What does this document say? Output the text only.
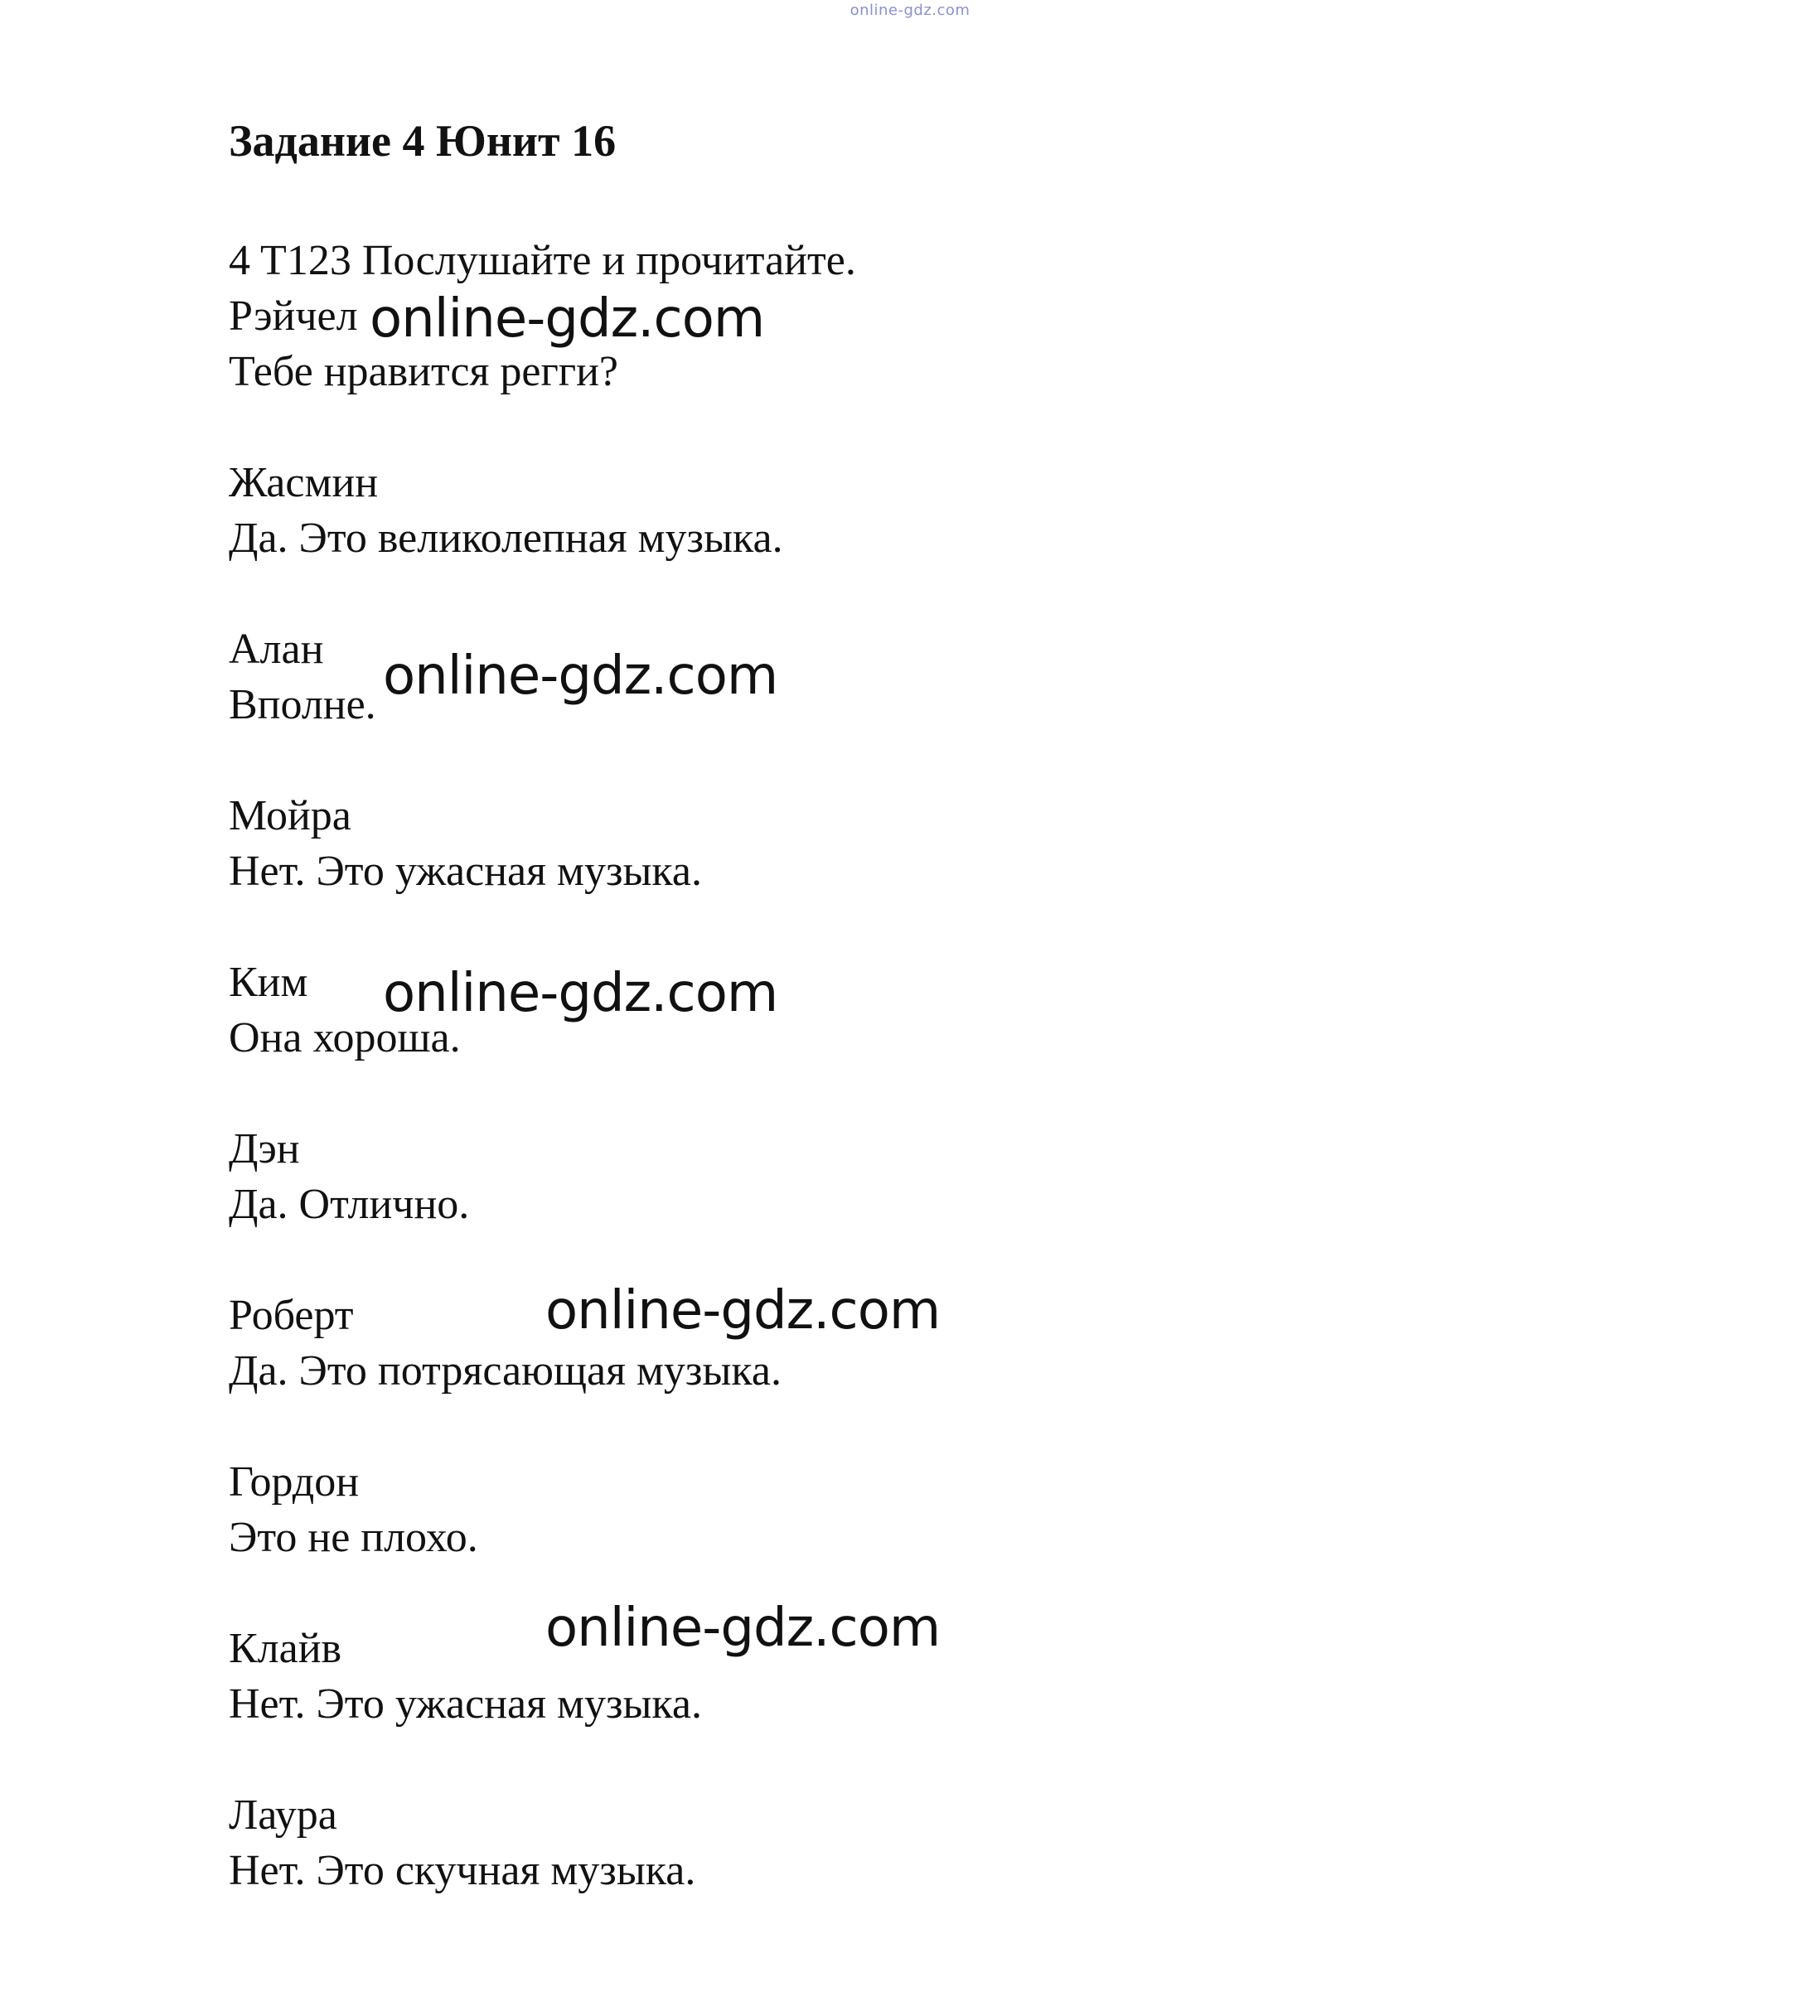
online-gdz.com
Задание 4 Юнит 16
4 T123 Послушайте и прочитайте.
Рэйчел
Тебе нравится регги?
Жасмин
Да. Это великолепная музыка.
Алан
Вполне.
Мойра
Нет. Это ужасная музыка.
Ким
Она хороша.
Дэн
Да. Отлично.
Роберт
Да. Это потрясающая музыка.
Гордон
Это не плохо.
Клайв
Нет. Это ужасная музыка.
Лаура
Нет. Это скучная музыка.
online-gdz.com
online-gdz.com
online-gdz.com
online-gdz.com
online-gdz.com
